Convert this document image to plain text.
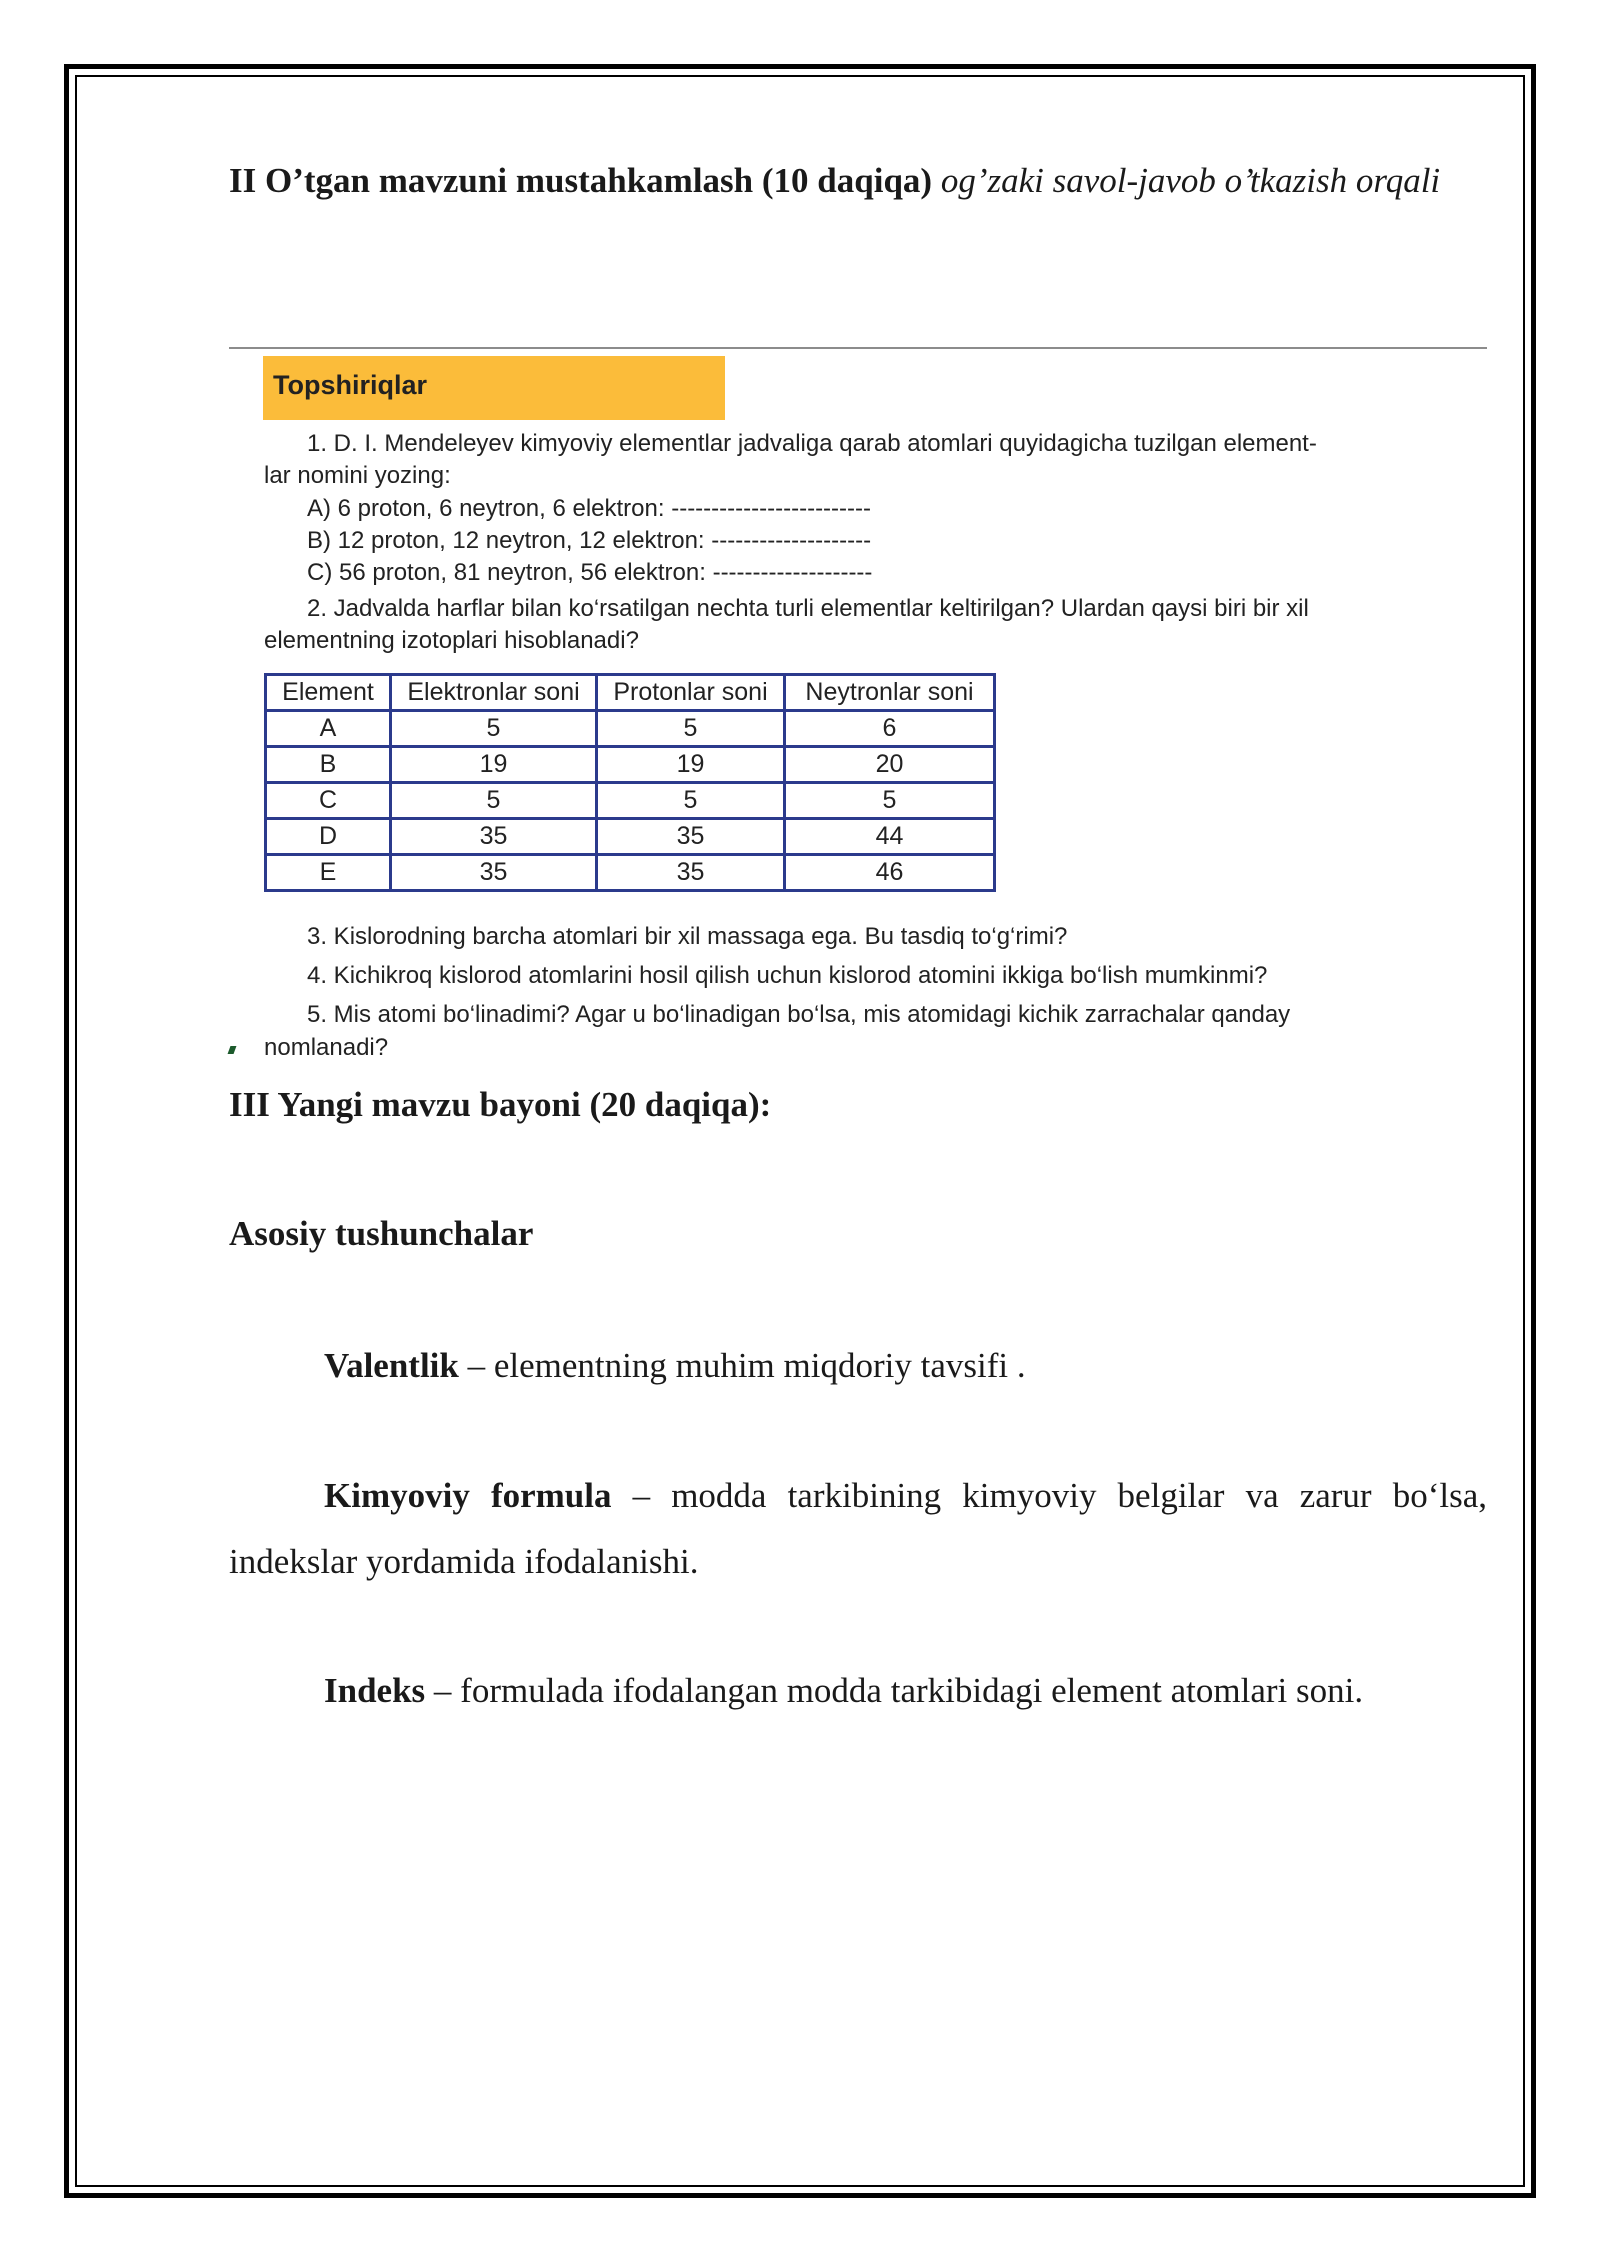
II O’tgan mavzuni mustahkamlash (10 daqiqa) og’zaki savol-javob o’tkazish orqali
Topshiriqlar
1. D. I. Mendeleyev kimyoviy elementlar jadvaliga qarab atomlari quyidagicha tuzilgan element-
lar nomini yozing:
A) 6 proton, 6 neytron, 6 elektron: -------------------------
B) 12 proton, 12 neytron, 12 elektron: --------------------
C) 56 proton, 81 neytron, 56 elektron: --------------------
2. Jadvalda harflar bilan ko‘rsatilgan nechta turli elementlar keltirilgan? Ulardan qaysi biri bir xil
elementning izotoplari hisoblanadi?
Element	Elektronlar soni	Protonlar soni	Neytronlar soni
A	5	5	6
B	19	19	20
C	5	5	5
D	35	35	44
E	35	35	46
3. Kislorodning barcha atomlari bir xil massaga ega. Bu tasdiq to‘g‘rimi?
4. Kichikroq kislorod atomlarini hosil qilish uchun kislorod atomini ikkiga bo‘lish mumkinmi?
5. Mis atomi bo‘linadimi? Agar u bo‘linadigan bo‘lsa, mis atomidagi kichik zarrachalar qanday
nomlanadi?
III Yangi mavzu bayoni (20 daqiqa):
Asosiy tushunchalar
Valentlik – elementning muhim miqdoriy tavsifi .
Kimyoviy formula – modda tarkibining kimyoviy belgilar va zarur bo‘lsa, indekslar yordamida ifodalanishi.
Indeks – formulada ifodalangan modda tarkibidagi element atomlari soni.
